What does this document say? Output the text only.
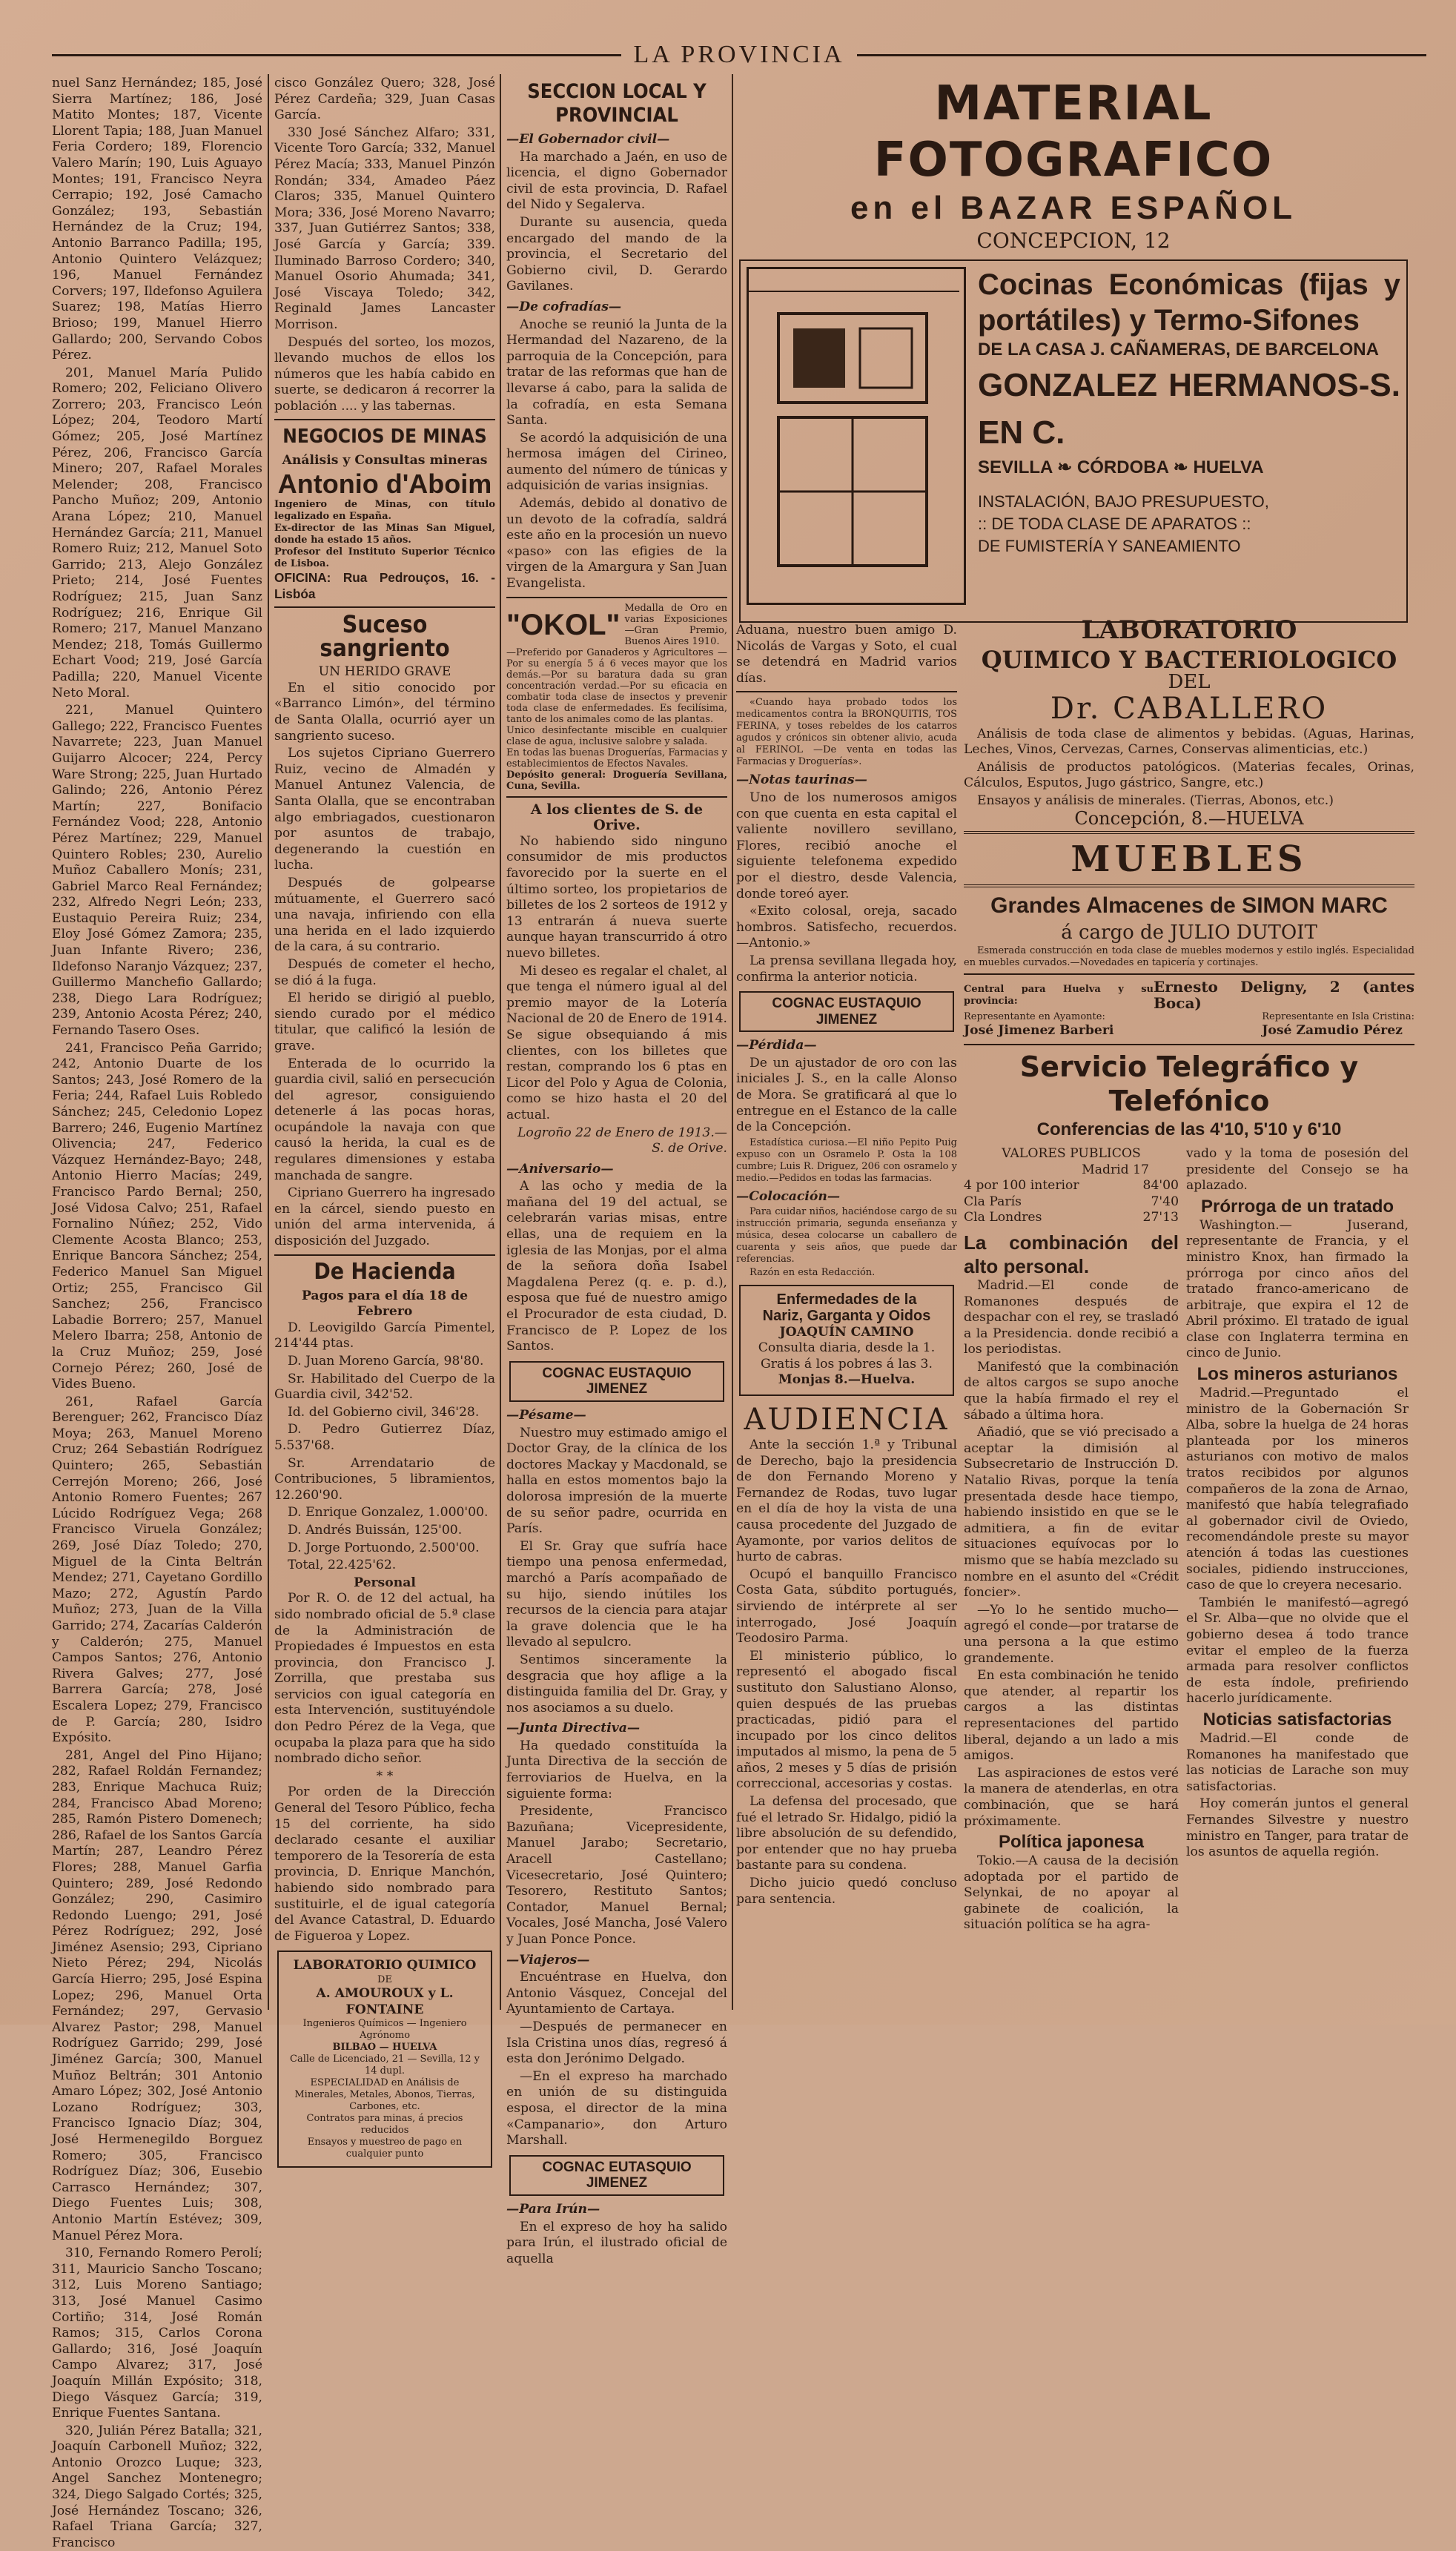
LA PROVINCIA

nuel Sanz Hernández; 185, José Sierra Martínez; 186, José Matito Montes; 187, Vicente Llorent Tapia; 188, Juan Manuel Feria Cordero; 189, Florencio Valero Marín; 190, Luis Aguayo Montes; 191, Francisco Neyra Cerrapio; 192, José Camacho González; 193, Sebastián Hernández de la Cruz; 194, Antonio Barranco Padilla; 195, Antonio Quintero Velázquez; 196, Manuel Fernández Corvers; 197, Ildefonso Aguilera Suarez; 198, Matías Hierro Brioso; 199, Manuel Hierro Gallardo; 200, Servando Cobos Pérez.

201, Manuel María Pulido Romero; 202, Feliciano Olivero Zorrero; 203, Francisco León López; 204, Teodoro Martí Gómez; 205, José Martínez Pérez, 206, Francisco García Minero; 207, Rafael Morales Melender; 208, Francisco Pancho Muñoz; 209, Antonio Arana López; 210, Manuel Hernández García; 211, Manuel Romero Ruiz; 212, Manuel Soto Garrido; 213, Alejo González Prieto; 214, José Fuentes Rodríguez; 215, Juan Sanz Rodríguez; 216, Enrique Gil Romero; 217, Manuel Manzano Mendez; 218, Tomás Guillermo Echart Vood; 219, José García Padilla; 220, Manuel Vicente Neto Moral.

221, Manuel Quintero Gallego; 222, Francisco Fuentes Navarrete; 223, Juan Manuel Guijarro Alcocer; 224, Percy Ware Strong; 225, Juan Hurtado Galindo; 226, Antonio Pérez Martín; 227, Bonifacio Fernández Vood; 228, Antonio Pérez Martínez; 229, Manuel Quintero Robles; 230, Aurelio Muñoz Caballero Monís; 231, Gabriel Marco Real Fernández; 232, Alfredo Negri León; 233, Eustaquio Pereira Ruiz; 234, Eloy José Gómez Zamora; 235, Juan Infante Rivero; 236, Ildefonso Naranjo Vázquez; 237, Guillermo Manchefio Gallardo; 238, Diego Lara Rodríguez; 239, Antonio Acosta Pérez; 240, Fernando Tasero Oses.

241, Francisco Peña Garrido; 242, Antonio Duarte de los Santos; 243, José Romero de la Feria; 244, Rafael Luis Robledo Sánchez; 245, Celedonio Lopez Barrero; 246, Eugenio Martínez Olivencia; 247, Federico Vázquez Hernández-Bayo; 248, Antonio Hierro Macías; 249, Francisco Pardo Bernal; 250, José Vidosa Calvo; 251, Rafael Fornalino Núñez; 252, Vido Clemente Acosta Blanco; 253, Enrique Bancora Sánchez; 254, Federico Manuel San Miguel Ortiz; 255, Francisco Gil Sanchez; 256, Francisco Labadie Borrero; 257, Manuel Melero Ibarra; 258, Antonio de la Cruz Muñoz; 259, José Cornejo Pérez; 260, José de Vides Bueno.

261, Rafael García Berenguer; 262, Francisco Díaz Moya; 263, Manuel Moreno Cruz; 264 Sebastián Rodríguez Quintero; 265, Sebastián Cerrejón Moreno; 266, José Antonio Romero Fuentes; 267 Lúcido Rodríguez Vega; 268 Francisco Viruela González; 269, José Díaz Toledo; 270, Miguel de la Cinta Beltrán Mendez; 271, Cayetano Gordillo Mazo; 272, Agustín Pardo Muñoz; 273, Juan de la Villa Garrido; 274, Zacarías Calderón y Calderón; 275, Manuel Campos Santos; 276, Antonio Rivera Galves; 277, José Barrera García; 278, José Escalera Lopez; 279, Francisco de P. García; 280, Isidro Expósito.

281, Angel del Pino Hijano; 282, Rafael Roldán Fernandez; 283, Enrique Machuca Ruiz; 284, Francisco Abad Moreno; 285, Ramón Pistero Domenech; 286, Rafael de los Santos García Martín; 287, Leandro Pérez Flores; 288, Manuel Garfia Quintero; 289, José Redondo González; 290, Casimiro Redondo Luengo; 291, José Pérez Rodríguez; 292, José Jiménez Asensio; 293, Cipriano Nieto Pérez; 294, Nicolás García Hierro; 295, José Espina Lopez; 296, Manuel Orta Fernández; 297, Gervasio Alvarez Pastor; 298, Manuel Rodríguez Garrido; 299, José Jiménez García; 300, Manuel Muñoz Beltrán; 301 Antonio Amaro López; 302, José Antonio Lozano Rodríguez; 303, Francisco Ignacio Díaz; 304, José Hermenegildo Borguez Romero; 305, Francisco Rodríguez Díaz; 306, Eusebio Carrasco Hernández; 307, Diego Fuentes Luis; 308, Antonio Martín Estévez; 309, Manuel Pérez Mora.

310, Fernando Romero Perolí; 311, Mauricio Sancho Toscano; 312, Luis Moreno Santiago; 313, José Manuel Casimo Cortiño; 314, José Román Ramos; 315, Carlos Corona Gallardo; 316, José Joaquín Campo Alvarez; 317, José Joaquín Millán Expósito; 318, Diego Vásquez García; 319, Enrique Fuentes Santana.

320, Julián Pérez Batalla; 321, Joaquín Carbonell Muñoz; 322, Antonio Orozco Luque; 323, Angel Sanchez Montenegro; 324, Diego Salgado Cortés; 325, José Hernández Toscano; 326, Rafael Triana García; 327, Francisco

cisco González Quero; 328, José Pérez Cardeña; 329, Juan Casas García.

330 José Sánchez Alfaro; 331, Vicente Toro García; 332, Manuel Pérez Macía; 333, Manuel Pinzón Rondán; 334, Amadeo Páez Claros; 335, Manuel Quintero Mora; 336, José Moreno Navarro; 337, Juan Gutiérrez Santos; 338, José García y García; 339. Iluminado Barroso Cordero; 340, Manuel Osorio Ahumada; 341, José Viscaya Toledo; 342, Reginald James Lancaster Morrison.

Después del sorteo, los mozos, llevando muchos de ellos los números que les había cabido en suerte, se dedicaron á recorrer la población .... y las tabernas.

NEGOCIOS DE MINAS
Análisis y Consultas mineras
Antonio d'Aboim
Ingeniero de Minas, con título legalizado en España.
Ex-director de las Minas San Miguel, donde ha estado 15 años.
Profesor del Instituto Superior Técnico de Lisboa.
OFICINA: Rua Pedrouços, 16. - Lisbóa
Suceso sangriento
UN HERIDO GRAVE

En el sitio conocido por «Barranco Limón», del término de Santa Olalla, ocurrió ayer un sangriento suceso.

Los sujetos Cipriano Guerrero Ruiz, vecino de Almadén y Manuel Antunez Valencia, de Santa Olalla, que se encontraban algo embriagados, cuestionaron por asuntos de trabajo, degenerando la cuestión en lucha.

Después de golpearse mútuamente, el Guerrero sacó una navaja, infiriendo con ella una herida en el lado izquierdo de la cara, á su contrario.

Después de cometer el hecho, se dió á la fuga.

El herido se dirigió al pueblo, siendo curado por el médico titular, que calificó la lesión de grave.

Enterada de lo ocurrido la guardia civil, salió en persecución del agresor, consiguiendo detenerle á las pocas horas, ocupándole la navaja con que causó la herida, la cual es de regulares dimensiones y estaba manchada de sangre.

Cipriano Guerrero ha ingresado en la cárcel, siendo puesto en unión del arma intervenida, á disposición del Juzgado.

De Hacienda
Pagos para el día 18 de Febrero

D. Leovigildo García Pimentel, 214'44 ptas.

D. Juan Moreno García, 98'80.

Sr. Habilitado del Cuerpo de la Guardia civil, 342'52.

Id. del Gobierno civil, 346'28.

D. Pedro Gutierrez Díaz, 5.537'68.

Sr. Arrendatario de Contribuciones, 5 libramientos, 12.260'90.

D. Enrique Gonzalez, 1.000'00.

D. Andrés Buissán, 125'00.

D. Jorge Portuondo, 2.500'00.

Total, 22.425'62.

Personal

Por R. O. de 12 del actual, ha sido nombrado oficial de 5.ª clase de la Administración de Propiedades é Impuestos en esta provincia, don Francisco J. Zorrilla, que prestaba sus servicios con igual categoría en esta Intervención, sustituyéndole don Pedro Pérez de la Vega, que ocupaba la plaza para que ha sido nombrado dicho señor.

* *

Por orden de la Dirección General del Tesoro Público, fecha 15 del corriente, ha sido declarado cesante el auxiliar temporero de la Tesorería de esta provincia, D. Enrique Manchón, habiendo sido nombrado para sustituirle, el de igual categoría del Avance Catastral, D. Eduardo de Figueroa y Lopez.

LABORATORIO QUIMICO
DE
A. AMOUROUX y L. FONTAINE
Ingenieros Químicos — Ingeniero Agrónomo
BILBAO — HUELVA
Calle de Licenciado, 21 — Sevilla, 12 y 14 dupl.
ESPECIALIDAD en Análisis de Minerales, Metales, Abonos, Tierras, Carbones, etc.
Contratos para minas, á precios reducidos
Ensayos y muestreo de pago en cualquier punto
SECCION LOCAL Y PROVINCIAL
—El Gobernador civil—

Ha marchado a Jaén, en uso de licencia, el digno Gobernador civil de esta provincia, D. Rafael del Nido y Segalerva.

Durante su ausencia, queda encargado del mando de la provincia, el Secretario del Gobierno civil, D. Gerardo Gavilanes.

—De cofradías—

Anoche se reunió la Junta de la Hermandad del Nazareno, de la parroquia de la Concepción, para tratar de las reformas que han de llevarse á cabo, para la salida de la cofradía, en esta Semana Santa.

Se acordó la adquisición de una hermosa imágen del Cirineo, aumento del número de túnicas y adquisición de varias insignias.

Además, debido al donativo de un devoto de la cofradía, saldrá este año en la procesión un nuevo «paso» con las efigies de la virgen de la Amargura y San Juan Evangelista.

"OKOL"
Medalla de Oro en varias Exposiciones —Gran Premio, Buenos Aires 1910.
—Preferido por Ganaderos y Agricultores —Por su energía 5 á 6 veces mayor que los demás.—Por su baratura dada su gran concentración verdad.—Por su eficacia en combatir toda clase de insectos y prevenir toda clase de enfermedades. Es fecilísima, tanto de los animales como de las plantas.
Unico desinfectante miscible en cualquier clase de agua, inclusive salobre y salada.
En todas las buenas Droguerías, Farmacias y establecimientos de Efectos Navales.
Depósito general: Droguería Sevillana, Cuna, Sevilla.
A los clientes de S. de Orive.

No habiendo sido ninguno consumidor de mis productos favorecido por la suerte en el último sorteo, los propietarios de billetes de los 2 sorteos de 1912 y 13 entrarán á nueva suerte aunque hayan transcurrido á otro nuevo billetes.

Mi deseo es regalar el chalet, al que tenga el número igual al del premio mayor de la Lotería Nacional de 20 de Enero de 1914. Se sigue obsequiando á mis clientes, con los billetes que restan, comprando los 6 ptas en Licor del Polo y Agua de Colonia, como se hizo hasta el 20 del actual.

Logroño 22 de Enero de 1913.— S. de Orive.
—Aniversario—

A las ocho y media de la mañana del 19 del actual, se celebrarán varias misas, entre ellas, una de requiem en la iglesia de las Monjas, por el alma de la señora doña Isabel Magdalena Perez (q. e. p. d.), esposa que fué de nuestro amigo el Procurador de esta ciudad, D. Francisco de P. Lopez de los Santos.

COGNAC EUSTAQUIO JIMENEZ
—Pésame—

Nuestro muy estimado amigo el Doctor Gray, de la clínica de los doctores Mackay y Macdonald, se halla en estos momentos bajo la dolorosa impresión de la muerte de su señor padre, ocurrida en París.

El Sr. Gray que sufría hace tiempo una penosa enfermedad, marchó a París acompañado de su hijo, siendo inútiles los recursos de la ciencia para atajar la grave dolencia que le ha llevado al sepulcro.

Sentimos sinceramente la desgracia que hoy aflige a la distinguida familia del Dr. Gray, y nos asociamos a su duelo.

—Junta Directiva—

Ha quedado constituída la Junta Directiva de la sección de ferroviarios de Huelva, en la siguiente forma:

Presidente, Francisco Bazuñana; Vicepresidente, Manuel Jarabo; Secretario, Aracell Castellano; Vicesecretario, José Quintero; Tesorero, Restituto Santos; Contador, Manuel Bernal; Vocales, José Mancha, José Valero y Juan Ponce Ponce.

—Viajeros—

Encuéntrase en Huelva, don Antonio Vásquez, Concejal del Ayuntamiento de Cartaya.

—Después de permanecer en Isla Cristina unos días, regresó á esta don Jerónimo Delgado.

—En el expreso ha marchado en unión de su distinguida esposa, el director de la mina «Campanario», don Arturo Marshall.

COGNAC EUTASQUIO JIMENEZ
—Para Irún—

En el expreso de hoy ha salido para Irún, el ilustrado oficial de aquella

MATERIAL FOTOGRAFICO
en el BAZAR ESPAÑOL
CONCEPCION, 12
Cocinas Económicas (fijas y portátiles) y Termo-Sifones
DE LA CASA J. CAÑAMERAS, DE BARCELONA
GONZALEZ HERMANOS-S. EN C.
SEVILLA ❧ CÓRDOBA ❧ HUELVA
INSTALACIÓN, BAJO PRESUPUESTO,
:: DE TODA CLASE DE APARATOS ::
DE FUMISTERÍA Y SANEAMIENTO

Aduana, nuestro buen amigo D. Nicolás de Vargas y Soto, el cual se detendrá en Madrid varios días.

«Cuando haya probado todos los medicamentos contra la BRONQUITIS, TOS FERINA, y toses rebeldes de los catarros agudos y crónicos sin obtener alivio, acuda al FERINOL —De venta en todas las Farmacias y Droguerías».

—Notas taurinas—

Uno de los numerosos amigos con que cuenta en esta capital el valiente novillero sevillano, Flores, recibió anoche el siguiente telefonema expedido por el diestro, desde Valencia, donde toreó ayer.

«Exito colosal, oreja, sacado hombros. Satisfecho, recuerdos.—Antonio.»

La prensa sevillana llegada hoy, confirma la anterior noticia.

COGNAC EUSTAQUIO JIMENEZ
—Pérdida—

De un ajustador de oro con las iniciales J. S., en la calle Alonso de Mora. Se gratificará al que lo entregue en el Estanco de la calle de la Concepción.

Estadística curiosa.—El niño Pepito Puig expuso con un Osramelo P. Osta la 108 cumbre; Luis R. Driguez, 206 con osramelo y medio.—Pedidos en todas las farmacias.

—Colocación—

Para cuidar niños, haciéndose cargo de su instrucción primaria, segunda enseñanza y música, desea colocarse un caballero de cuarenta y seis años, que puede dar referencias.

Razón en esta Redacción.

Enfermedades de la
Nariz, Garganta y Oidos
JOAQUÍN CAMINO
Consulta diaria, desde la 1.
Gratis á los pobres á las 3.
Monjas 8.—Huelva.
AUDIENCIA

Ante la sección 1.ª y Tribunal de Derecho, bajo la presidencia de don Fernando Moreno y Fernandez de Rodas, tuvo lugar en el día de hoy la vista de una causa procedente del Juzgado de Ayamonte, por varios delitos de hurto de cabras.

Ocupó el banquillo Francisco Costa Gata, súbdito portugués, sirviendo de intérprete al ser interrogado, José Joaquín Teodosiro Parma.

El ministerio público, lo representó el abogado fiscal sustituto don Salustiano Alonso, quien después de las pruebas practicadas, pidió para el incupado por los cinco delitos imputados al mismo, la pena de 5 años, 2 meses y 5 días de prisión correccional, accesorias y costas.

La defensa del procesado, que fué el letrado Sr. Hidalgo, pidió la libre absolución de su defendido, por entender que no hay prueba bastante para su condena.

Dicho juicio quedó concluso para sentencia.

LABORATORIO
QUIMICO Y BACTERIOLOGICO
DEL
Dr. CABALLERO

Análisis de toda clase de alimentos y bebidas. (Aguas, Harinas, Leches, Vinos, Cervezas, Carnes, Conservas alimenticias, etc.)

Análisis de productos patológicos. (Materias fecales, Orinas, Cálculos, Esputos, Jugo gástrico, Sangre, etc.)

Ensayos y análisis de minerales. (Tierras, Abonos, etc.)

Concepción, 8.—HUELVA
MUEBLES
Grandes Almacenes de SIMON MARC
á cargo de JULIO DUTOIT

Esmerada construcción en toda clase de muebles modernos y estilo inglés. Especialidad en muebles curvados.—Novedades en tapicería y cortinajes.

Central para Huelva y su provincia:
Ernesto Deligny, 2 (antes Boca)
Representante en Ayamonte:
José Jimenez Barberi
Representante en Isla Cristina:
José Zamudio Pérez
Servicio Telegráfico y Telefónico
Conferencias de las 4'10, 5'10 y 6'10
VALORES PUBLICOS
Madrid 17
4 por 100 interior	84'00
Cla París	7'40
Cla Londres	27'13
La combinación del alto personal.

Madrid.—El conde de Romanones después de despachar con el rey, se trasladó a la Presidencia. donde recibió a los periodistas.

Manifestó que la combinación de altos cargos se supo anoche que la había firmado el rey el sábado a última hora.

Añadió, que se vió precisado a aceptar la dimisión al Subsecretario de Instrucción D. Natalio Rivas, porque la tenía presentada desde hace tiempo, habiendo insistido en que se le admitiera, a fin de evitar situaciones equívocas por lo mismo que se había mezclado su nombre en el asunto del «Crédit foncier».

—Yo lo he sentido mucho—agregó el conde—por tratarse de una persona a la que estimo grandemente.

En esta combinación he tenido que atender, al repartir los cargos a las distintas representaciones del partido liberal, dejando a un lado a mis amigos.

Las aspiraciones de estos veré la manera de atenderlas, en otra combinación, que se hará próximamente.

Política japonesa

Tokio.—A causa de la decisión adoptada por el partido de Selynkai, de no apoyar al gabinete de coalición, la situación política se ha agra-

vado y la toma de posesión del presidente del Consejo se ha aplazado.

Prórroga de un tratado

Washington.— Juserand, representante de Francia, y el ministro Knox, han firmado la prórroga por cinco años del tratado franco-americano de arbitraje, que expira el 12 de Abril próximo. El tratado de igual clase con Inglaterra termina en cinco de Junio.

Los mineros asturianos

Madrid.—Preguntado el ministro de la Gobernación Sr Alba, sobre la huelga de 24 horas planteada por los mineros asturianos con motivo de malos tratos recibidos por algunos compañeros de la zona de Arnao, manifestó que había telegrafiado al gobernador civil de Oviedo, recomendándole preste su mayor atención á todas las cuestiones sociales, pidiendo instrucciones, caso de que lo creyera necesario.

También le manifestó—agregó el Sr. Alba—que no olvide que el gobierno desea á todo trance evitar el empleo de la fuerza armada para resolver conflictos de esta índole, prefiriendo hacerlo jurídicamente.

Noticias satisfactorias

Madrid.—El conde de Romanones ha manifestado que las noticias de Larache son muy satisfactorias.

Hoy comerán juntos el general Fernandes Silvestre y nuestro ministro en Tanger, para tratar de los asuntos de aquella región.
